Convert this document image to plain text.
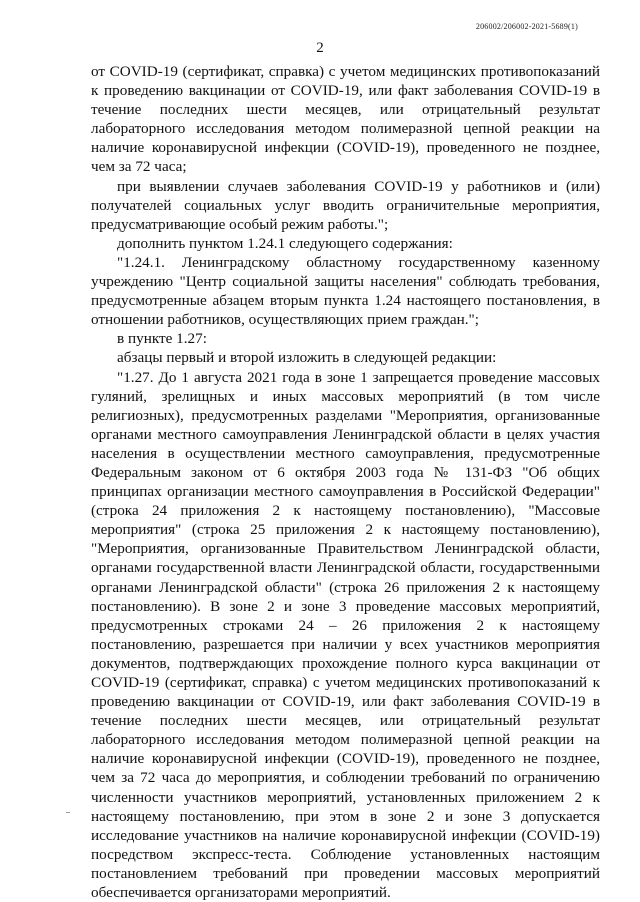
206002/206002-2021-5689(1)
2

от COVID-19 (сертификат, справка) с учетом медицинских противопоказаний к проведению вакцинации от COVID-19, или факт заболевания COVID-19 в течение последних шести месяцев, или отрицательный результат лабораторного исследования методом полимеразной цепной реакции на наличие коронавирусной инфекции (COVID-19), проведенного не позднее, чем за 72 часа;

при выявлении случаев заболевания COVID-19 у работников и (или) получателей социальных услуг вводить ограничительные мероприятия, предусматривающие особый режим работы.";

дополнить пунктом 1.24.1 следующего содержания:

"1.24.1. Ленинградскому областному государственному казенному учреждению "Центр социальной защиты населения" соблюдать требования, предусмотренные абзацем вторым пункта 1.24 настоящего постановления, в отношении работников, осуществляющих прием граждан.";

в пункте 1.27:

абзацы первый и второй изложить в следующей редакции:

"1.27. До 1 августа 2021 года в зоне 1 запрещается проведение массовых гуляний, зрелищных и иных массовых мероприятий (в том числе религиозных), предусмотренных разделами "Мероприятия, организованные органами местного самоуправления Ленинградской области в целях участия населения в осуществлении местного самоуправления, предусмотренные Федеральным законом от 6 октября 2003 года № 131-ФЗ "Об общих принципах организации местного самоуправления в Российской Федерации" (строка 24 приложения 2 к настоящему постановлению), "Массовые мероприятия" (строка 25 приложения 2 к настоящему постановлению), "Мероприятия, организованные Правительством Ленинградской области, органами государственной власти Ленинградской области, государственными органами Ленинградской области" (строка 26 приложения 2 к настоящему постановлению). В зоне 2 и зоне 3 проведение массовых мероприятий, предусмотренных строками 24 – 26 приложения 2 к настоящему постановлению, разрешается при наличии у всех участников мероприятия документов, подтверждающих прохождение полного курса вакцинации от COVID-19 (сертификат, справка) с учетом медицинских противопоказаний к проведению вакцинации от COVID-19, или факт заболевания COVID-19 в течение последних шести месяцев, или отрицательный результат лабораторного исследования методом полимеразной цепной реакции на наличие коронавирусной инфекции (COVID-19), проведенного не позднее, чем за 72 часа до мероприятия, и соблюдении требований по ограничению численности участников мероприятий, установленных приложением 2 к настоящему постановлению, при этом в зоне 2 и зоне 3 допускается исследование участников на наличие коронавирусной инфекции (COVID-19) посредством экспресс-теста. Соблюдение установленных настоящим постановлением требований при проведении массовых мероприятий обеспечивается организаторами мероприятий.
